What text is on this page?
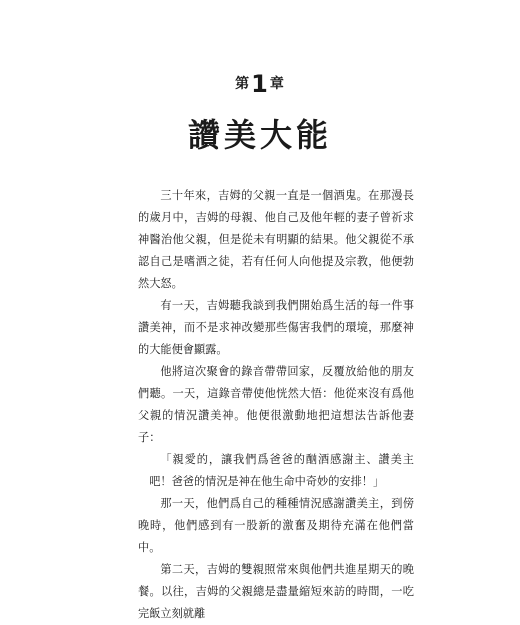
第1章
讚美大能

三十年來，吉姆的父親一直是一個酒鬼。在那漫長的歲月中，吉姆的母親、他自己及他年輕的妻子曾祈求神醫治他父親，但是從未有明顯的結果。他父親從不承認自己是嗜酒之徒，若有任何人向他提及宗教，他便勃然大怒。

有一天，吉姆聽我談到我們開始爲生活的每一件事讚美神，而不是求神改變那些傷害我們的環境，那麼神的大能便會顯露。

他將這次聚會的錄音帶帶回家，反覆放給他的朋友們聽。一天，這錄音帶使他恍然大悟：他從來沒有爲他父親的情況讚美神。他便很激動地把這想法告訴他妻子：

「親愛的，讓我們爲爸爸的酗酒感謝主、讚美主吧！爸爸的情況是神在他生命中奇妙的安排！」

那一天，他們爲自己的種種情況感謝讚美主，到傍晚時，他們感到有一股新的激奮及期待充滿在他們當中。

第二天，吉姆的雙親照常來與他們共進星期天的晚餐。以往，吉姆的父親總是盡量縮短來訪的時間，一吃完飯立刻就離
